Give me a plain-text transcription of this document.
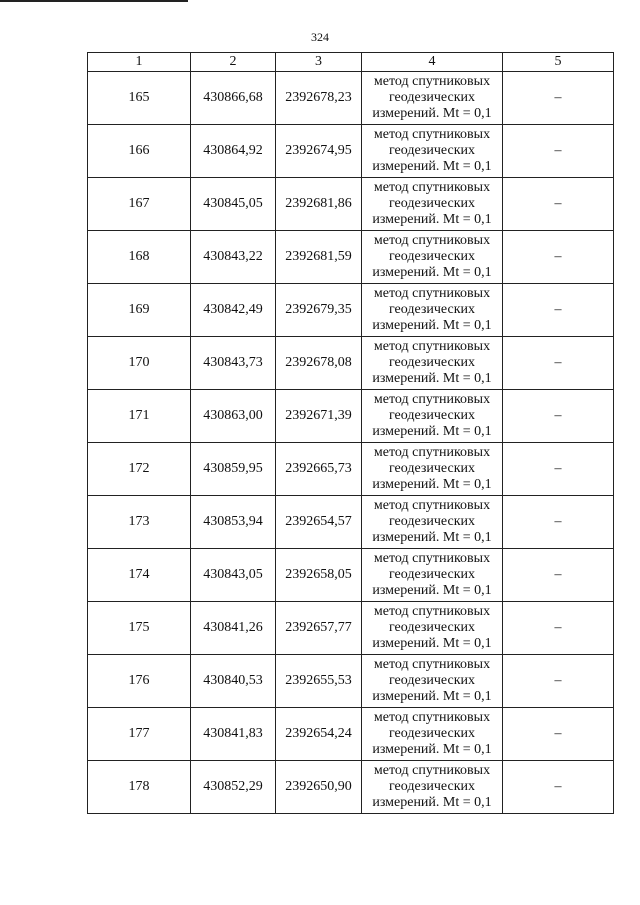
324
1	2	3	4	5
165	430866,68	2392678,23	метод спутниковых геодезических измерений. Mt = 0,1	–
166	430864,92	2392674,95	метод спутниковых геодезических измерений. Mt = 0,1	–
167	430845,05	2392681,86	метод спутниковых геодезических измерений. Mt = 0,1	–
168	430843,22	2392681,59	метод спутниковых геодезических измерений. Mt = 0,1	–
169	430842,49	2392679,35	метод спутниковых геодезических измерений. Mt = 0,1	–
170	430843,73	2392678,08	метод спутниковых геодезических измерений. Mt = 0,1	–
171	430863,00	2392671,39	метод спутниковых геодезических измерений. Mt = 0,1	–
172	430859,95	2392665,73	метод спутниковых геодезических измерений. Mt = 0,1	–
173	430853,94	2392654,57	метод спутниковых геодезических измерений. Mt = 0,1	–
174	430843,05	2392658,05	метод спутниковых геодезических измерений. Mt = 0,1	–
175	430841,26	2392657,77	метод спутниковых геодезических измерений. Mt = 0,1	–
176	430840,53	2392655,53	метод спутниковых геодезических измерений. Mt = 0,1	–
177	430841,83	2392654,24	метод спутниковых геодезических измерений. Mt = 0,1	–
178	430852,29	2392650,90	метод спутниковых геодезических измерений. Mt = 0,1	–
